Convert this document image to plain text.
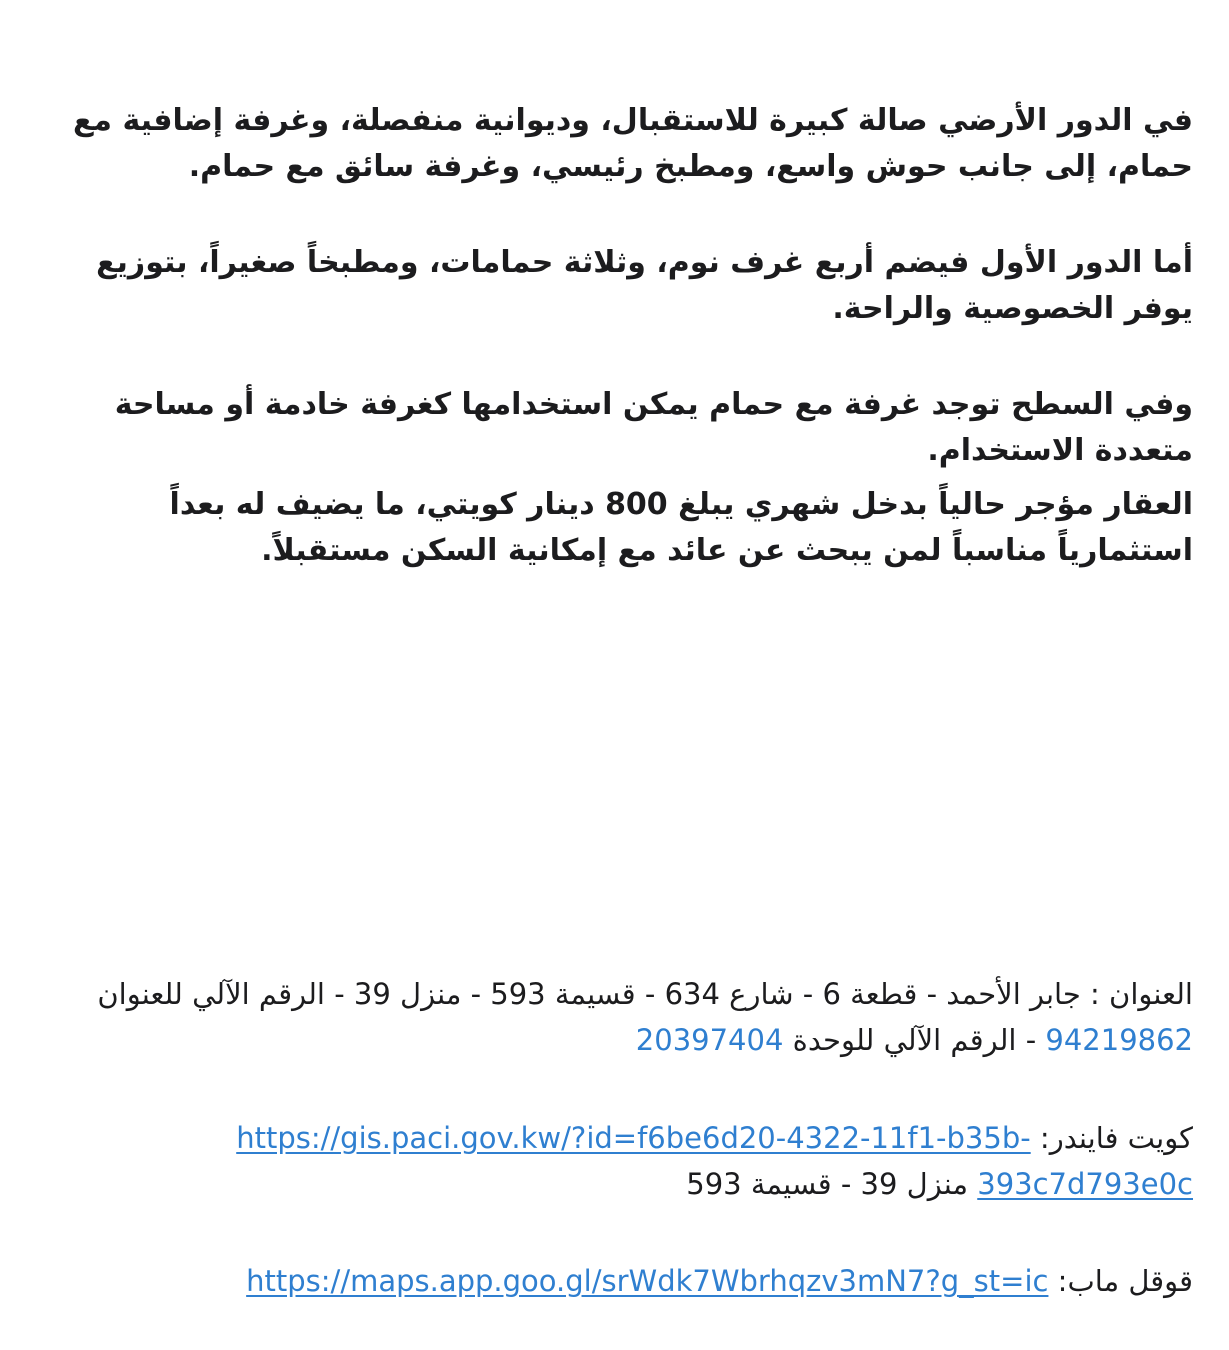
في الدور الأرضي صالة كبيرة للاستقبال، وديوانية منفصلة، وغرفة إضافية مع حمام، إلى جانب حوش واسع، ومطبخ رئيسي، وغرفة سائق مع حمام.
أما الدور الأول فيضم أربع غرف نوم، وثلاثة حمامات، ومطبخاً صغيراً، بتوزيع يوفر الخصوصية والراحة.
وفي السطح توجد غرفة مع حمام يمكن استخدامها كغرفة خادمة أو مساحة متعددة الاستخدام.
العقار مؤجر حالياً بدخل شهري يبلغ 800 دينار كويتي، ما يضيف له بعداً استثمارياً مناسباً لمن يبحث عن عائد مع إمكانية السكن مستقبلاً.
العنوان : جابر الأحمد - قطعة 6 - شارع 634 - قسيمة 593 - منزل 39 - الرقم الآلي للعنوان 94219862 - الرقم الآلي للوحدة 20397404
كويت فايندر: https://gis.paci.gov.kw/?id=f6be6d20-4322-11f1-b35b-393c7d793e0c منزل 39 - قسيمة 593
قوقل ماب: https://maps.app.goo.gl/srWdk7Wbrhqzv3mN7?g_st=ic
